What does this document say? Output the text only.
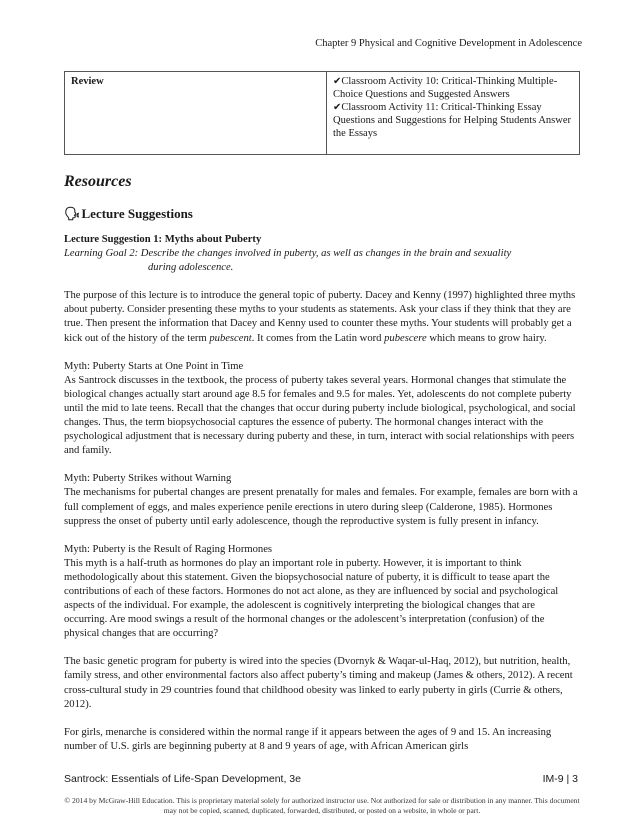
Chapter 9 Physical and Cognitive Development in Adolescence
Review	✔Classroom Activity 10: Critical-Thinking Multiple-Choice Questions and Suggested Answers
✔Classroom Activity 11: Critical-Thinking Essay Questions and Suggestions for Helping Students Answer the Essays
Resources
🗣Lecture Suggestions

Lecture Suggestion 1: Myths about Puberty

Learning Goal 2: Describe the changes involved in puberty, as well as changes in the brain and sexuality
during adolescence.

The purpose of this lecture is to introduce the general topic of puberty. Dacey and Kenny (1997) highlighted three myths about puberty. Consider presenting these myths to your students as statements. Ask your class if they think that they are true. Then present the information that Dacey and Kenny used to counter these myths. Your students will probably get a kick out of the history of the term pubescent. It comes from the Latin word pubescere which means to grow hairy.

Myth: Puberty Starts at One Point in Time
As Santrock discusses in the textbook, the process of puberty takes several years. Hormonal changes that stimulate the biological changes actually start around age 8.5 for females and 9.5 for males. Yet, adolescents do not complete puberty until the mid to late teens. Recall that the changes that occur during puberty include biological, psychological, and social changes. Thus, the term biopsychosocial captures the essence of puberty. The hormonal changes interact with the psychological adjustment that is necessary during puberty and these, in turn, interact with social relationships with peers and family.

Myth: Puberty Strikes without Warning
The mechanisms for pubertal changes are present prenatally for males and females. For example, females are born with a full complement of eggs, and males experience penile erections in utero during sleep (Calderone, 1985). Hormones suppress the onset of puberty until early adolescence, though the reproductive system is fully present in infancy.

Myth: Puberty is the Result of Raging Hormones
This myth is a half-truth as hormones do play an important role in puberty. However, it is important to think methodologically about this statement. Given the biopsychosocial nature of puberty, it is difficult to tease apart the contributions of each of these factors. Hormones do not act alone, as they are influenced by social and psychological aspects of the individual. For example, the adolescent is cognitively interpreting the biological changes that are occurring. Are mood swings a result of the hormonal changes or the adolescent’s interpretation (confusion) of the physical changes that are occurring?

The basic genetic program for puberty is wired into the species (Dvornyk & Waqar-ul-Haq, 2012), but nutrition, health, family stress, and other environmental factors also affect puberty’s timing and makeup (James & others, 2012). A recent cross-cultural study in 29 countries found that childhood obesity was linked to early puberty in girls (Currie & others, 2012).

For girls, menarche is considered within the normal range if it appears between the ages of 9 and 15. An increasing number of U.S. girls are beginning puberty at 8 and 9 years of age, with African American girls

Santrock: Essentials of Life-Span Development, 3e	IM-9 | 3
© 2014 by McGraw-Hill Education. This is proprietary material solely for authorized instructor use. Not authorized for sale or distribution in any manner. This document may not be copied, scanned, duplicated, forwarded, distributed, or posted on a website, in whole or part.
